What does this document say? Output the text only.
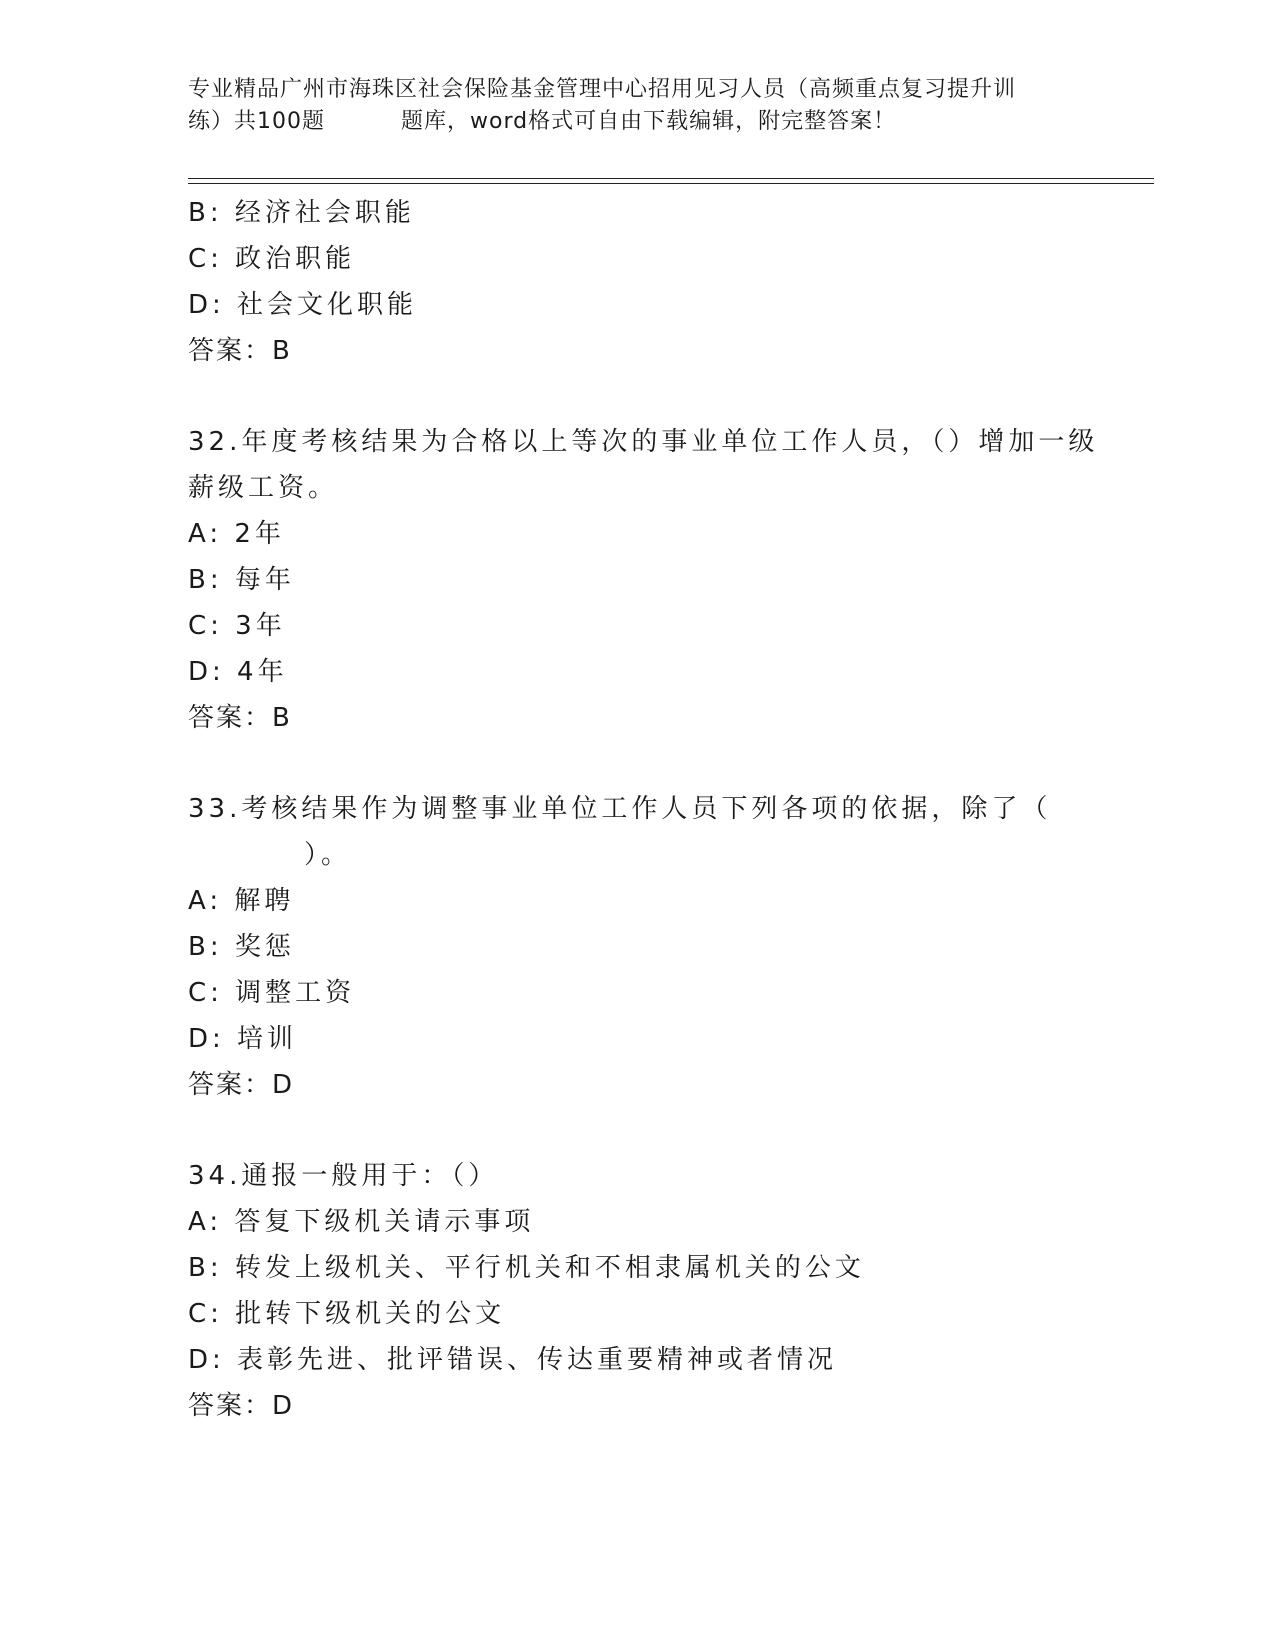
专业精品广州市海珠区社会保险基金管理中心招用见习人员（高频重点复习提升训
练）共100题	题库，word格式可自由下载编辑，附完整答案！
B: 经济社会职能
C: 政治职能
D: 社会文化职能
答案：B
32.年度考核结果为合格以上等次的事业单位工作人员，（）增加一级
薪级工资。
A: 2年
B: 每年
C: 3年
D: 4年
答案：B
33.考核结果作为调整事业单位工作人员下列各项的依据，除了（
）。
A: 解聘
B: 奖惩
C: 调整工资
D: 培训
答案：D
34.通报一般用于：（）
A: 答复下级机关请示事项
B: 转发上级机关、平行机关和不相隶属机关的公文
C: 批转下级机关的公文
D: 表彰先进、批评错误、传达重要精神或者情况
答案：D
